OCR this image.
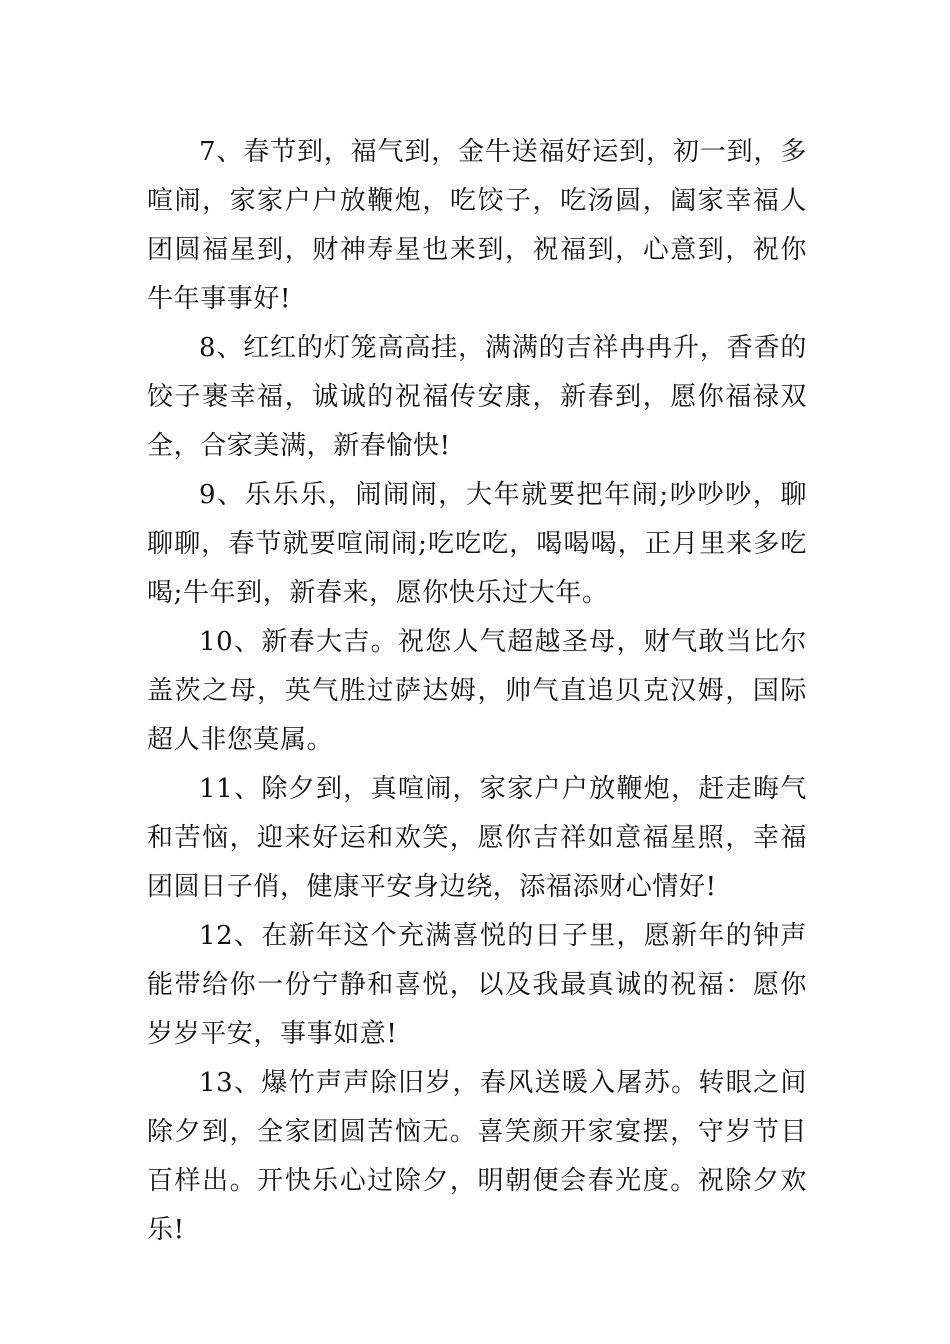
7、春节到，福气到，金牛送福好运到，初一到，多喧闹，家家户户放鞭炮，吃饺子，吃汤圆，阖家幸福人团圆福星到，财神寿星也来到，祝福到，心意到，祝你牛年事事好!

8、红红的灯笼高高挂，满满的吉祥冉冉升，香香的饺子裹幸福，诚诚的祝福传安康，新春到，愿你福禄双全，合家美满，新春愉快!

9、乐乐乐，闹闹闹，大年就要把年闹;吵吵吵，聊聊聊，春节就要喧闹闹;吃吃吃，喝喝喝，正月里来多吃喝;牛年到，新春来，愿你快乐过大年。

10、新春大吉。祝您人气超越圣母，财气敢当比尔盖茨之母，英气胜过萨达姆，帅气直追贝克汉姆，国际超人非您莫属。

11、除夕到，真喧闹，家家户户放鞭炮，赶走晦气和苦恼，迎来好运和欢笑，愿你吉祥如意福星照，幸福团圆日子俏，健康平安身边绕，添福添财心情好!

12、在新年这个充满喜悦的日子里，愿新年的钟声能带给你一份宁静和喜悦，以及我最真诚的祝福：愿你岁岁平安，事事如意!

13、爆竹声声除旧岁，春风送暖入屠苏。转眼之间除夕到，全家团圆苦恼无。喜笑颜开家宴摆，守岁节目百样出。开快乐心过除夕，明朝便会春光度。祝除夕欢乐!
